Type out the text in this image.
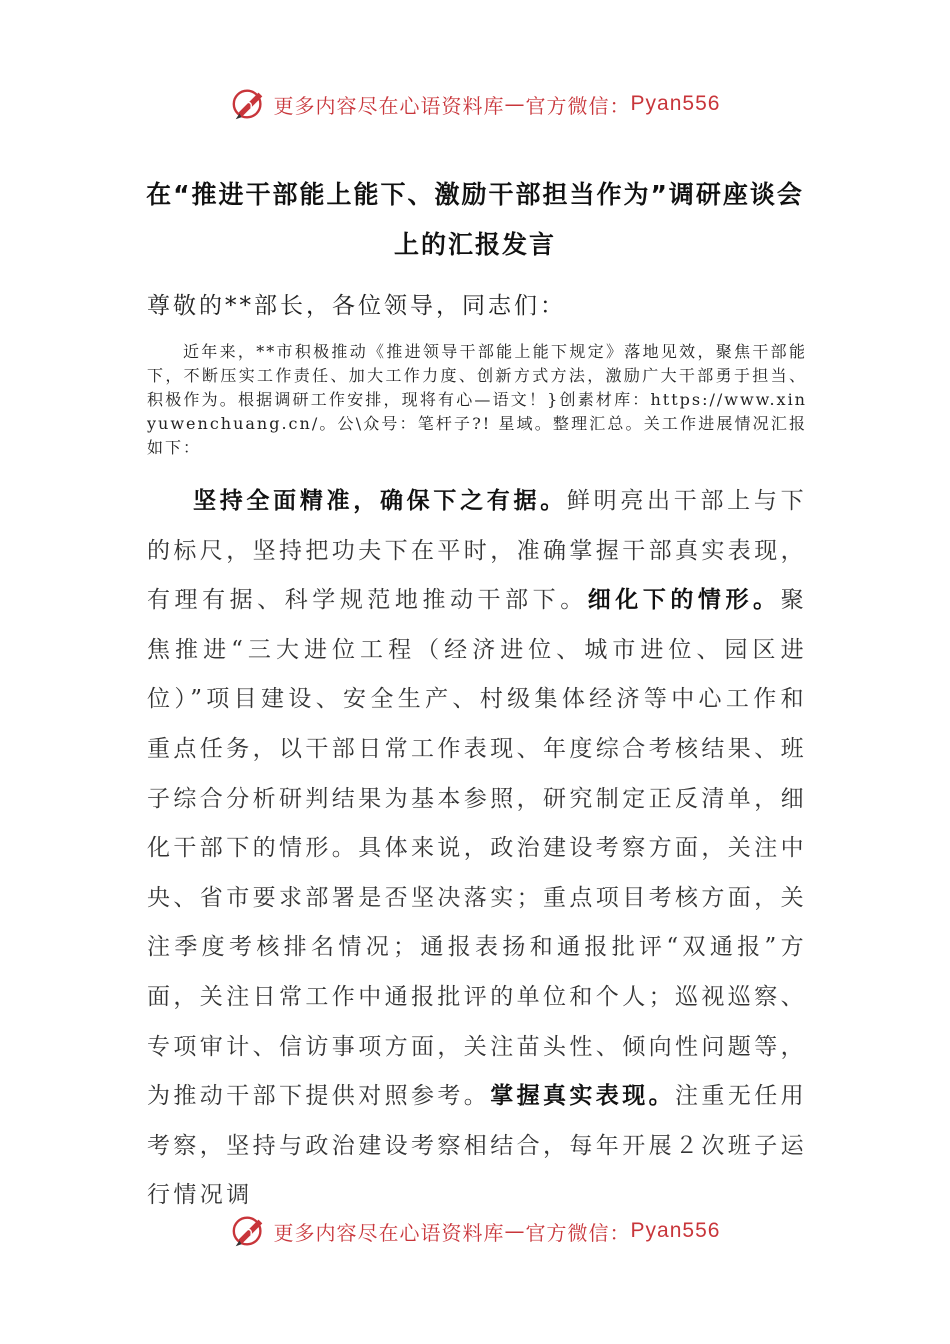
更多内容尽在心语资料库 — 官方微信： Pyan556
在“推进干部能上能下、激励干部担当作为”调研座谈会
上的汇报发言
尊敬的**部长，各位领导，同志们：
近年来，**市积极推动《推进领导干部能上能下规定》落地见效，聚焦干部能下，不断压实工作责任、加大工作力度、创新方式方法，激励广大干部勇于担当、积极作为。根据调研工作安排，现将有心—语文！}创素材库：https://www.xinyuwenchuang.cn/。公\众号：笔杆子?! 星域。整理汇总。关工作进展情况汇报如下：

坚持全面精准，确保下之有据。鲜明亮出干部上与下的标尺，坚持把功夫下在平时，准确掌握干部真实表现，有理有据、科学规范地推动干部下。细化下的情形。聚焦推进“三大进位工程（经济进位、城市进位、园区进位）”项目建设、安全生产、村级集体经济等中心工作和重点任务，以干部日常工作表现、年度综合考核结果、班子综合分析研判结果为基本参照，研究制定正反清单，细化干部下的情形。具体来说，政治建设考察方面，关注中央、省市要求部署是否坚决落实；重点项目考核方面，关注季度考核排名情况；通报表扬和通报批评“双通报”方面，关注日常工作中通报批评的单位和个人；巡视巡察、专项审计、信访事项方面，关注苗头性、倾向性问题等，为推动干部下提供对照参考。掌握真实表现。注重无任用考察，坚持与政治建设考察相结合，每年开展２次班子运行情况调

更多内容尽在心语资料库 — 官方微信： Pyan556
